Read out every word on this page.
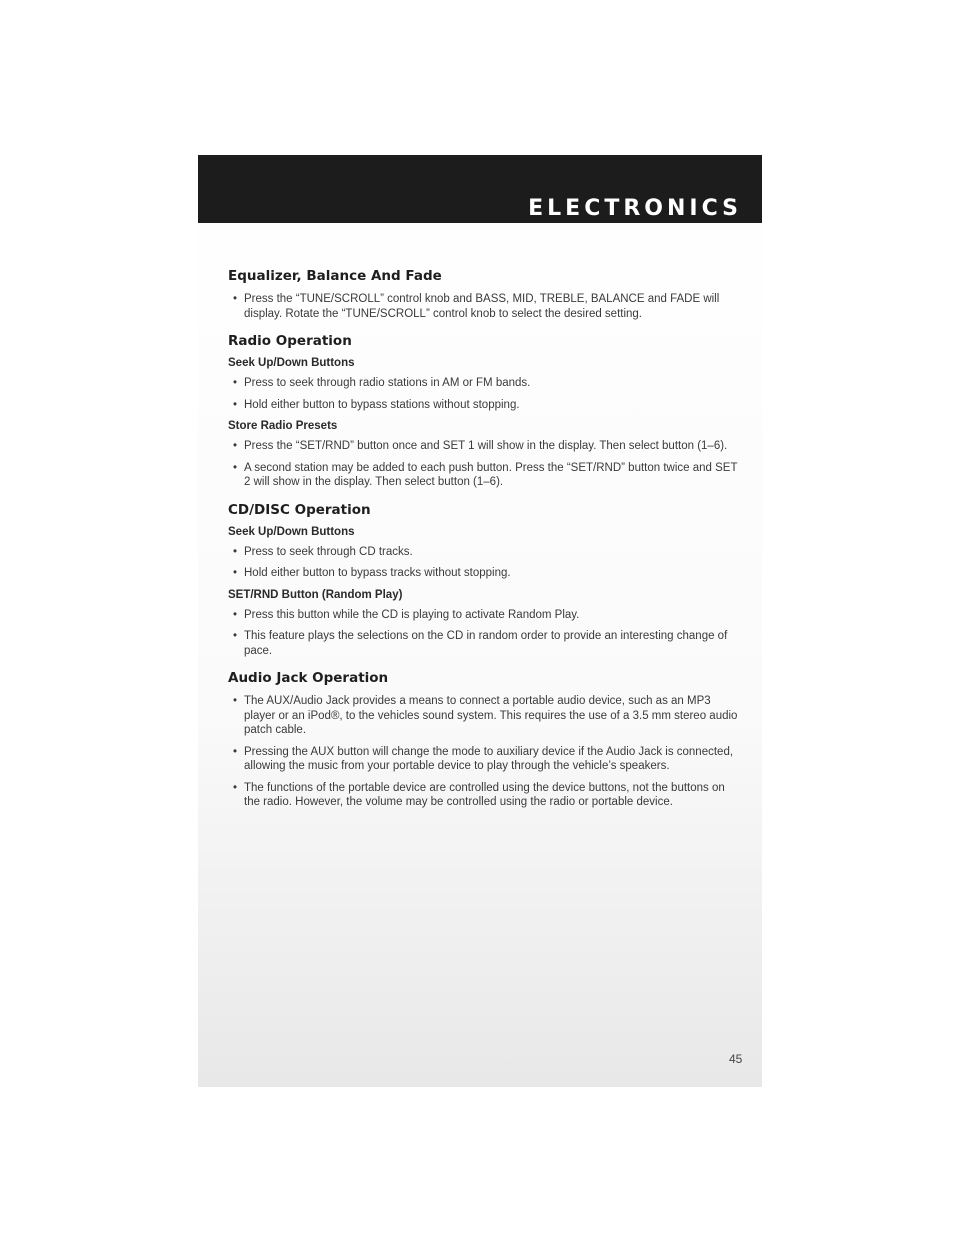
ELECTRONICS
Equalizer, Balance And Fade
• Press the “TUNE/SCROLL” control knob and BASS, MID, TREBLE, BALANCE and FADE will display. Rotate the “TUNE/SCROLL” control knob to select the desired setting.
Radio Operation
Seek Up/Down Buttons
• Press to seek through radio stations in AM or FM bands.
• Hold either button to bypass stations without stopping.
Store Radio Presets
• Press the “SET/RND” button once and SET 1 will show in the display. Then select button (1–6).
• A second station may be added to each push button. Press the “SET/RND” button twice and SET 2 will show in the display. Then select button (1–6).
CD/DISC Operation
Seek Up/Down Buttons
• Press to seek through CD tracks.
• Hold either button to bypass tracks without stopping.
SET/RND Button (Random Play)
• Press this button while the CD is playing to activate Random Play.
• This feature plays the selections on the CD in random order to provide an interesting change of pace.
Audio Jack Operation
• The AUX/Audio Jack provides a means to connect a portable audio device, such as an MP3 player or an iPod®, to the vehicles sound system. This requires the use of a 3.5 mm stereo audio patch cable.
• Pressing the AUX button will change the mode to auxiliary device if the Audio Jack is connected, allowing the music from your portable device to play through the vehicle’s speakers.
• The functions of the portable device are controlled using the device buttons, not the buttons on the radio. However, the volume may be controlled using the radio or portable device.

45
